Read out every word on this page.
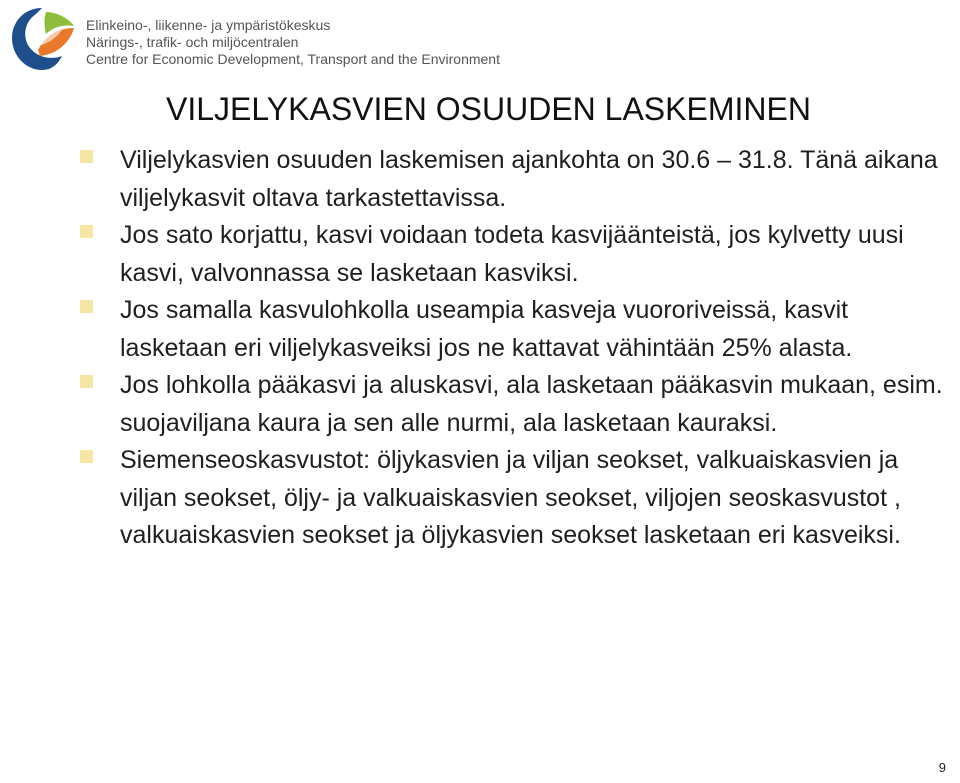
Elinkeino-, liikenne- ja ympäristökeskus
Närings-, trafik- och miljöcentralen
Centre for Economic Development, Transport and the Environment
VILJELYKASVIEN OSUUDEN LASKEMINEN
Viljelykasvien osuuden laskemisen ajankohta on 30.6 – 31.8. Tänä aikana viljelykasvit oltava tarkastettavissa.
Jos sato korjattu, kasvi voidaan todeta kasvijäänteistä, jos kylvetty uusi kasvi, valvonnassa se lasketaan kasviksi.
Jos samalla kasvulohkolla useampia kasveja vuororiveissä, kasvit lasketaan eri viljelykasveiksi jos ne kattavat vähintään 25% alasta.
Jos lohkolla pääkasvi ja aluskasvi, ala lasketaan pääkasvin mukaan, esim. suojaviljana kaura ja sen alle nurmi, ala lasketaan kauraksi.
Siemenseoskasvustot: öljykasvien ja viljan seokset, valkuaiskasvien ja viljan seokset, öljy- ja valkuaiskasvien seokset, viljojen seoskasvustot , valkuaiskasvien seokset ja öljykasvien seokset lasketaan eri kasveiksi.
9
